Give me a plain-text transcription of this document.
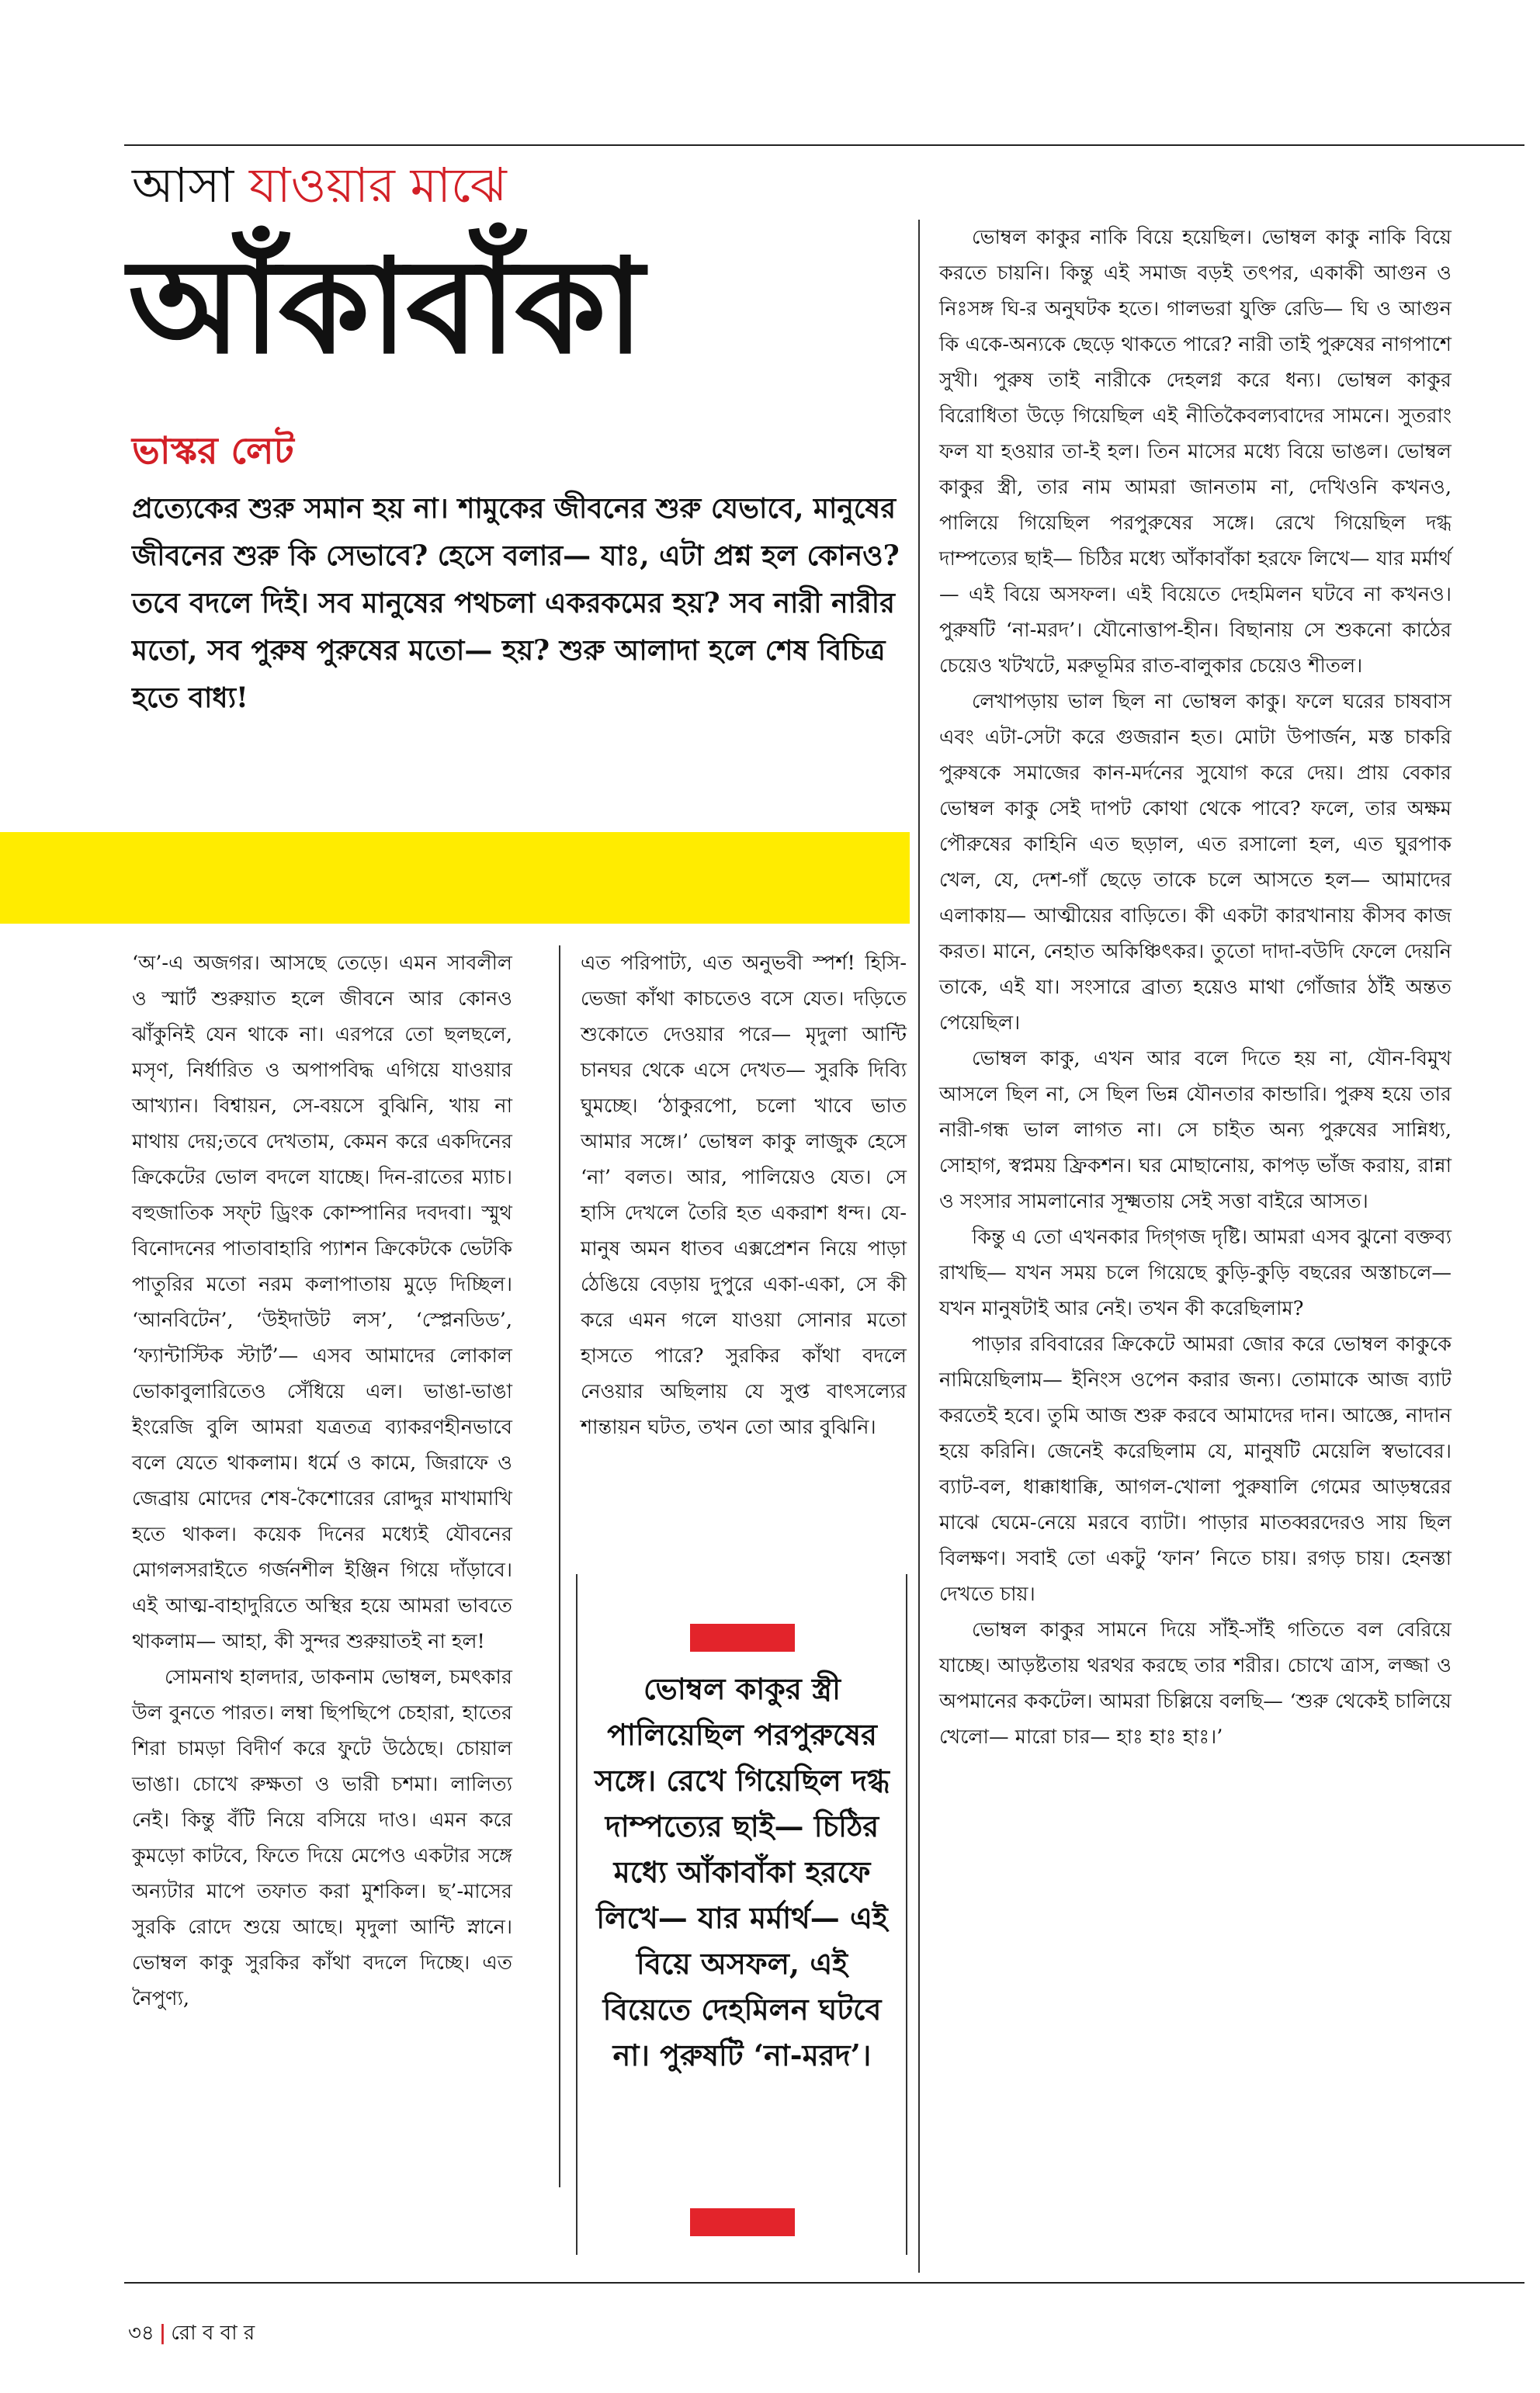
আসা যাওয়ার মাঝে
আঁকাবাঁকা
ভাস্কর লেট
প্রত্যেকের শুরু সমান হয় না। শামুকের জীবনের শুরু যেভাবে, মানুষের জীবনের শুরু কি সেভাবে? হেসে বলার— যাঃ, এটা প্রশ্ন হল কোনও? তবে বদলে দিই। সব মানুষের পথচলা একরকমের হয়? সব নারী নারীর মতো, সব পুরুষ পুরুষের মতো— হয়? শুরু আলাদা হলে শেষ বিচিত্র হতে বাধ্য!

‘অ’-এ অজগর। আসছে তেড়ে। এমন সাবলীল ও স্মার্ট শুরুয়াত হলে জীবনে আর কোনও ঝাঁকুনিই যেন থাকে না। এরপরে তো ছলছলে, মসৃণ, নির্ধারিত ও অপাপবিদ্ধ এগিয়ে যাওয়ার আখ্যান। বিশ্বায়ন, সে-বয়সে বুঝিনি, খায় না মাথায় দেয়;তবে দেখতাম, কেমন করে একদিনের ক্রিকেটের ভোল বদলে যাচ্ছে। দিন-রাতের ম্যাচ। বহুজাতিক সফ্‌ট ড্রিংক কোম্পানির দবদবা। স্মুথ বিনোদনের পাতাবাহারি প্যাশন ক্রিকেটকে ভেটকি পাতুরির মতো নরম কলাপাতায় মুড়ে দিচ্ছিল। ‘আনবিটেন’, ‘উইদাউট লস’, ‘স্প্লেনডিড’, ‘ফ্যান্টাস্টিক স্টার্ট’— এসব আমাদের লোকাল ভোকাবুলারিতেও সেঁধিয়ে এল। ভাঙা-ভাঙা ইংরেজি বুলি আমরা যত্রতত্র ব্যাকরণহীনভাবে বলে যেতে থাকলাম। ধর্মে ও কামে, জিরাফে ও জেব্রায় মোদের শেষ-কৈশোরের রোদ্দুর মাখামাখি হতে থাকল। কয়েক দিনের মধ্যেই যৌবনের মোগলসরাইতে গর্জনশীল ইঞ্জিন গিয়ে দাঁড়াবে। এই আত্ম-বাহাদুরিতে অস্থির হয়ে আমরা ভাবতে থাকলাম— আহা, কী সুন্দর শুরুয়াতই না হল!

সোমনাথ হালদার, ডাকনাম ভোম্বল, চমৎকার উল বুনতে পারত। লম্বা ছিপছিপে চেহারা, হাতের শিরা চামড়া বিদীর্ণ করে ফুটে উঠেছে। চোয়াল ভাঙা। চোখে রুক্ষতা ও ভারী চশমা। লালিত্য নেই। কিন্তু বঁটি নিয়ে বসিয়ে দাও। এমন করে কুমড়ো কাটবে, ফিতে দিয়ে মেপেও একটার সঙ্গে অন্যটার মাপে তফাত করা মুশকিল। ছ’-মাসের সুরকি রোদে শুয়ে আছে। মৃদুলা আন্টি স্নানে। ভোম্বল কাকু সুরকির কাঁথা বদলে দিচ্ছে। এত নৈপুণ্য,

এত পরিপাট্য, এত অনুভবী স্পর্শ! হিসি-ভেজা কাঁথা কাচতেও বসে যেত। দড়িতে শুকোতে দেওয়ার পরে— মৃদুলা আন্টি চানঘর থেকে এসে দেখত— সুরকি দিব্যি ঘুমচ্ছে। ‘ঠাকুরপো, চলো খাবে ভাত আমার সঙ্গে।’ ভোম্বল কাকু লাজুক হেসে ‘না’ বলত। আর, পালিয়েও যেত। সে হাসি দেখলে তৈরি হত একরাশ ধন্দ। যে-মানুষ অমন ধাতব এক্সপ্রেশন নিয়ে পাড়া ঠেঙিয়ে বেড়ায় দুপুরে একা-একা, সে কী করে এমন গলে যাওয়া সোনার মতো হাসতে পারে? সুরকির কাঁথা বদলে নেওয়ার অছিলায় যে সুপ্ত বাৎসল্যের শান্তায়ন ঘটত, তখন তো আর বুঝিনি।

ভোম্বল কাকুর স্ত্রী পালিয়েছিল পরপুরুষের সঙ্গে। রেখে গিয়েছিল দগ্ধ দাম্পত্যের ছাই— চিঠির মধ্যে আঁকাবাঁকা হরফে লিখে— যার মর্মার্থ— এই বিয়ে অসফল, এই বিয়েতে দেহমিলন ঘটবে না। পুরুষটি ‘না-মরদ’।

ভোম্বল কাকুর নাকি বিয়ে হয়েছিল। ভোম্বল কাকু নাকি বিয়ে করতে চায়নি। কিন্তু এই সমাজ বড়ই তৎপর, একাকী আগুন ও নিঃসঙ্গ ঘি-র অনুঘটক হতে। গালভরা যুক্তি রেডি— ঘি ও আগুন কি একে-অন্যকে ছেড়ে থাকতে পারে? নারী তাই পুরুষের নাগপাশে সুখী। পুরুষ তাই নারীকে দেহলগ্ন করে ধন্য। ভোম্বল কাকুর বিরোধিতা উড়ে গিয়েছিল এই নীতিকৈবল্যবাদের সামনে। সুতরাং ফল যা হওয়ার তা-ই হল। তিন মাসের মধ্যে বিয়ে ভাঙল। ভোম্বল কাকুর স্ত্রী, তার নাম আমরা জানতাম না, দেখিওনি কখনও, পালিয়ে গিয়েছিল পরপুরুষের সঙ্গে। রেখে গিয়েছিল দগ্ধ দাম্পত্যের ছাই— চিঠির মধ্যে আঁকাবাঁকা হরফে লিখে— যার মর্মার্থ— এই বিয়ে অসফল। এই বিয়েতে দেহমিলন ঘটবে না কখনও। পুরুষটি ‘না-মরদ’। যৌনোত্তাপ-হীন। বিছানায় সে শুকনো কাঠের চেয়েও খটখটে, মরুভূমির রাত-বালুকার চেয়েও শীতল।

লেখাপড়ায় ভাল ছিল না ভোম্বল কাকু। ফলে ঘরের চাষবাস এবং এটা-সেটা করে গুজরান হত। মোটা উপার্জন, মস্ত চাকরি পুরুষকে সমাজের কান-মর্দনের সুযোগ করে দেয়। প্রায় বেকার ভোম্বল কাকু সেই দাপট কোথা থেকে পাবে? ফলে, তার অক্ষম পৌরুষের কাহিনি এত ছড়াল, এত রসালো হল, এত ঘুরপাক খেল, যে, দেশ-গাঁ ছেড়ে তাকে চলে আসতে হল— আমাদের এলাকায়— আত্মীয়ের বাড়িতে। কী একটা কারখানায় কীসব কাজ করত। মানে, নেহাত অকিঞ্চিৎকর। তুতো দাদা-বউদি ফেলে দেয়নি তাকে, এই যা। সংসারে ব্রাত্য হয়েও মাথা গোঁজার ঠাঁই অন্তত পেয়েছিল।

ভোম্বল কাকু, এখন আর বলে দিতে হয় না, যৌন-বিমুখ আসলে ছিল না, সে ছিল ভিন্ন যৌনতার কান্ডারি। পুরুষ হয়ে তার নারী-গন্ধ ভাল লাগত না। সে চাইত অন্য পুরুষের সান্নিধ্য, সোহাগ, স্বপ্নময় ফ্রিকশন। ঘর মোছানোয়, কাপড় ভাঁজ করায়, রান্না ও সংসার সামলানোর সূক্ষ্মতায় সেই সত্তা বাইরে আসত।

কিন্তু এ তো এখনকার দিগ্‌গজ দৃষ্টি। আমরা এসব ঝুনো বক্তব্য রাখছি— যখন সময় চলে গিয়েছে কুড়ি-কুড়ি বছরের অস্তাচলে— যখন মানুষটাই আর নেই। তখন কী করেছিলাম?

পাড়ার রবিবারের ক্রিকেটে আমরা জোর করে ভোম্বল কাকুকে নামিয়েছিলাম— ইনিংস ওপেন করার জন্য। তোমাকে আজ ব্যাট করতেই হবে। তুমি আজ শুরু করবে আমাদের দান। আজ্ঞে, নাদান হয়ে করিনি। জেনেই করেছিলাম যে, মানুষটি মেয়েলি স্বভাবের। ব্যাট-বল, ধাক্কাধাক্কি, আগল-খোলা পুরুষালি গেমের আড়ম্বরের মাঝে ঘেমে-নেয়ে মরবে ব্যাটা। পাড়ার মাতব্বরদেরও সায় ছিল বিলক্ষণ। সবাই তো একটু ‘ফান’ নিতে চায়। রগড় চায়। হেনস্তা দেখতে চায়।

ভোম্বল কাকুর সামনে দিয়ে সাঁই-সাঁই গতিতে বল বেরিয়ে যাচ্ছে। আড়ষ্টতায় থরথর করছে তার শরীর। চোখে ত্রাস, লজ্জা ও অপমানের ককটেল। আমরা চিল্লিয়ে বলছি— ‘শুরু থেকেই চালিয়ে খেলো— মারো চার— হাঃ হাঃ হাঃ।’

৩৪ | রো ব বা র
